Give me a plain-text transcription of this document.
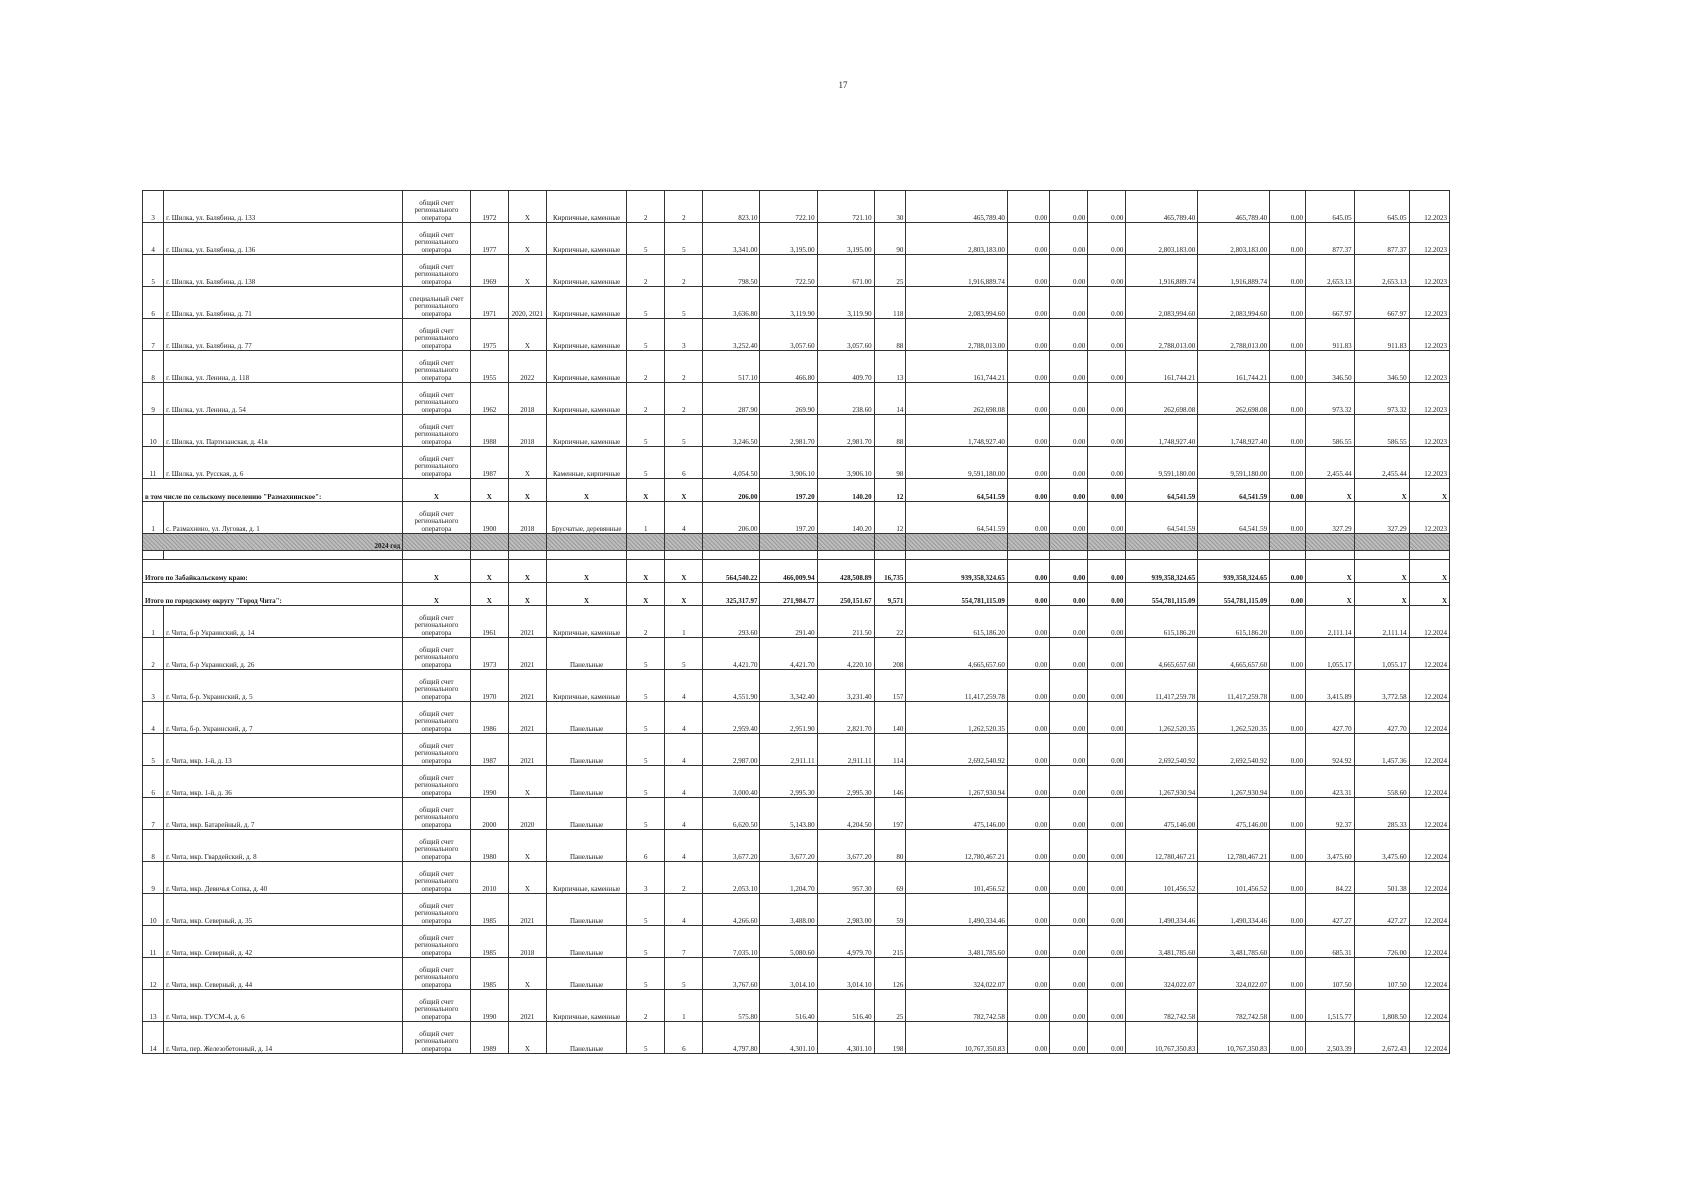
17
3	г. Шилка, ул. Балябина, д. 133	общий счет регионального оператора	1972	X	Кирпичные, каменные	2	2	823.10	722.10	721.10	30	465,789.40	0.00	0.00	0.00	465,789.40	465,789.40	0.00	645.05	645.05	12.2023
4	г. Шилка, ул. Балябина, д. 136	общий счет регионального оператора	1977	X	Кирпичные, каменные	5	5	3,341.00	3,195.00	3,195.00	90	2,803,183.00	0.00	0.00	0.00	2,803,183.00	2,803,183.00	0.00	877.37	877.37	12.2023
5	г. Шилка, ул. Балябина, д. 138	общий счет регионального оператора	1969	X	Кирпичные, каменные	2	2	798.50	722.50	671.00	25	1,916,889.74	0.00	0.00	0.00	1,916,889.74	1,916,889.74	0.00	2,653.13	2,653.13	12.2023
6	г. Шилка, ул. Балябина, д. 71	специальный счет регионального оператора	1971	2020, 2021	Кирпичные, каменные	5	5	3,636.80	3,119.90	3,119.90	118	2,083,994.60	0.00	0.00	0.00	2,083,994.60	2,083,994.60	0.00	667.97	667.97	12.2023
7	г. Шилка, ул. Балябина, д. 77	общий счет регионального оператора	1975	X	Кирпичные, каменные	5	3	3,252.40	3,057.60	3,057.60	88	2,788,013.00	0.00	0.00	0.00	2,788,013.00	2,788,013.00	0.00	911.83	911.83	12.2023
8	г. Шилка, ул. Ленина, д. 118	общий счет регионального оператора	1955	2022	Кирпичные, каменные	2	2	517.10	466.80	409.70	13	161,744.21	0.00	0.00	0.00	161,744.21	161,744.21	0.00	346.50	346.50	12.2023
9	г. Шилка, ул. Ленина, д. 54	общий счет регионального оператора	1962	2018	Кирпичные, каменные	2	2	287.90	269.90	238.60	14	262,698.08	0.00	0.00	0.00	262,698.08	262,698.08	0.00	973.32	973.32	12.2023
10	г. Шилка, ул. Партизанская, д. 41в	общий счет регионального оператора	1988	2018	Кирпичные, каменные	5	5	3,246.50	2,981.70	2,981.70	88	1,748,927.40	0.00	0.00	0.00	1,748,927.40	1,748,927.40	0.00	586.55	586.55	12.2023
11	г. Шилка, ул. Русская, д. 6	общий счет регионального оператора	1987	X	Каменные, кирпичные	5	6	4,054.50	3,906.10	3,906.10	98	9,591,180.00	0.00	0.00	0.00	9,591,180.00	9,591,180.00	0.00	2,455.44	2,455.44	12.2023
в том числе по сельскому поселению "Размахнинское":		X	X	X	X	X	X	206.00	197.20	140.20	12	64,541.59	0.00	0.00	0.00	64,541.59	64,541.59	0.00	X	X	X
1	с. Размахнино, ул. Луговая, д. 1	общий счет регионального оператора	1900	2018	Брусчатые, деревянные	1	4	206.00	197.20	140.20	12	64,541.59	0.00	0.00	0.00	64,541.59	64,541.59	0.00	327.29	327.29	12.2023
2024 год																					

Итого по Забайкальскому краю:		X	X	X	X	X	X	564,540.22	466,009.94	428,508.89	16,735	939,358,324.65	0.00	0.00	0.00	939,358,324.65	939,358,324.65	0.00	X	X	X
Итого по городскому округу "Город Чита":		X	X	X	X	X	X	325,317.97	271,984.77	250,151.67	9,571	554,781,115.09	0.00	0.00	0.00	554,781,115.09	554,781,115.09	0.00	X	X	X
1	г. Чита, б-р Украинский, д. 14	общий счет регионального оператора	1961	2021	Кирпичные, каменные	2	1	293.60	291.40	211.50	22	615,186.20	0.00	0.00	0.00	615,186.20	615,186.20	0.00	2,111.14	2,111.14	12.2024
2	г. Чита, б-р Украинский, д. 26	общий счет регионального оператора	1973	2021	Панельные	5	5	4,421.70	4,421.70	4,220.10	208	4,665,657.60	0.00	0.00	0.00	4,665,657.60	4,665,657.60	0.00	1,055.17	1,055.17	12.2024
3	г. Чита, б-р. Украинский, д. 5	общий счет регионального оператора	1970	2021	Кирпичные, каменные	5	4	4,551.90	3,342.40	3,231.40	157	11,417,259.78	0.00	0.00	0.00	11,417,259.78	11,417,259.78	0.00	3,415.89	3,772.58	12.2024
4	г. Чита, б-р. Украинский, д. 7	общий счет регионального оператора	1986	2021	Панельные	5	4	2,959.40	2,951.90	2,821.70	140	1,262,520.35	0.00	0.00	0.00	1,262,520.35	1,262,520.35	0.00	427.70	427.70	12.2024
5	г. Чита, мкр. 1-й, д. 13	общий счет регионального оператора	1987	2021	Панельные	5	4	2,987.00	2,911.11	2,911.11	114	2,692,540.92	0.00	0.00	0.00	2,692,540.92	2,692,540.92	0.00	924.92	1,457.36	12.2024
6	г. Чита, мкр. 1-й, д. 36	общий счет регионального оператора	1990	X	Панельные	5	4	3,000.40	2,995.30	2,995.30	146	1,267,930.94	0.00	0.00	0.00	1,267,930.94	1,267,930.94	0.00	423.31	558.60	12.2024
7	г. Чита, мкр. Батарейный, д. 7	общий счет регионального оператора	2000	2020	Панельные	5	4	6,620.50	5,143.80	4,204.50	197	475,146.00	0.00	0.00	0.00	475,146.00	475,146.00	0.00	92.37	285.33	12.2024
8	г. Чита, мкр. Гвардейский, д. 8	общий счет регионального оператора	1980	X	Панельные	6	4	3,677.20	3,677.20	3,677.20	80	12,780,467.21	0.00	0.00	0.00	12,780,467.21	12,780,467.21	0.00	3,475.60	3,475.60	12.2024
9	г. Чита, мкр. Девичья Сопка, д. 40	общий счет регионального оператора	2010	X	Кирпичные, каменные	3	2	2,053.10	1,204.70	957.30	69	101,456.52	0.00	0.00	0.00	101,456.52	101,456.52	0.00	84.22	501.38	12.2024
10	г. Чита, мкр. Северный, д. 35	общий счет регионального оператора	1985	2021	Панельные	5	4	4,266.60	3,488.00	2,983.00	59	1,490,334.46	0.00	0.00	0.00	1,490,334.46	1,490,334.46	0.00	427.27	427.27	12.2024
11	г. Чита, мкр. Северный, д. 42	общий счет регионального оператора	1985	2018	Панельные	5	7	7,035.10	5,080.60	4,979.70	215	3,481,785.60	0.00	0.00	0.00	3,481,785.60	3,481,785.60	0.00	685.31	726.00	12.2024
12	г. Чита, мкр. Северный, д. 44	общий счет регионального оператора	1985	X	Панельные	5	5	3,767.60	3,014.10	3,014.10	126	324,022.07	0.00	0.00	0.00	324,022.07	324,022.07	0.00	107.50	107.50	12.2024
13	г. Чита, мкр. ТУСМ-4, д. 6	общий счет регионального оператора	1990	2021	Кирпичные, каменные	2	1	575.80	516.40	516.40	25	782,742.58	0.00	0.00	0.00	782,742.58	782,742.58	0.00	1,515.77	1,808.50	12.2024
14	г. Чита, пер. Железобетонный, д. 14	общий счет регионального оператора	1989	X	Панельные	5	6	4,797.80	4,301.10	4,301.10	198	10,767,350.83	0.00	0.00	0.00	10,767,350.83	10,767,350.83	0.00	2,503.39	2,672.43	12.2024
